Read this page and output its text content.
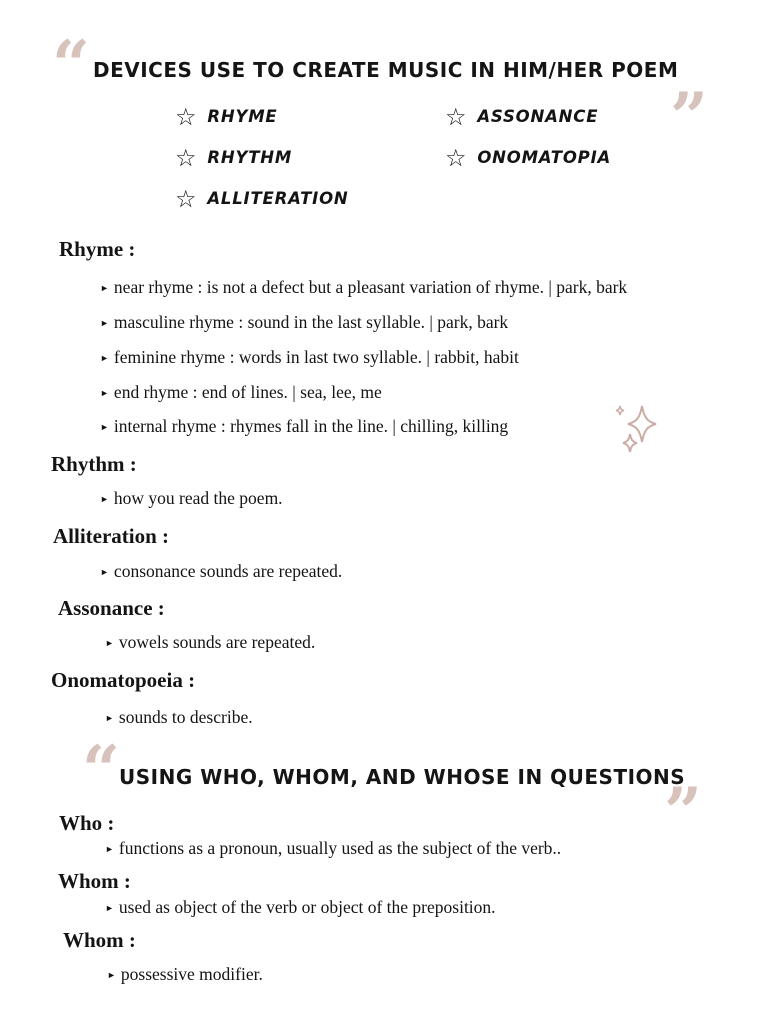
“ DEVICES USE TO CREATE MUSIC IN HIM/HER POEM
”
☆ RHYME	☆ ASSONANCE
☆ RHYTHM	☆ ONOMATOPIA
☆ ALLITERATION
Rhyme :
► near rhyme : is not a defect but a pleasant variation of rhyme. | park, bark
► masculine rhyme : sound in the last syllable. | park, bark
► feminine rhyme : words in last two syllable. | rabbit, habit
► end rhyme : end of lines. | sea, lee, me
► internal rhyme : rhymes fall in the line. | chilling, killing
Rhythm :
► how you read the poem.
Alliteration :
► consonance sounds are repeated.
Assonance :
► vowels sounds are repeated.
Onomatopoeia :
► sounds to describe.
“ USING WHO, WHOM, AND WHOSE IN QUESTIONS
”
Who :
► functions as a pronoun, usually used as the subject of the verb..
Whom :
► used as object of the verb or object of the preposition.
Whom :
► possessive modifier.
